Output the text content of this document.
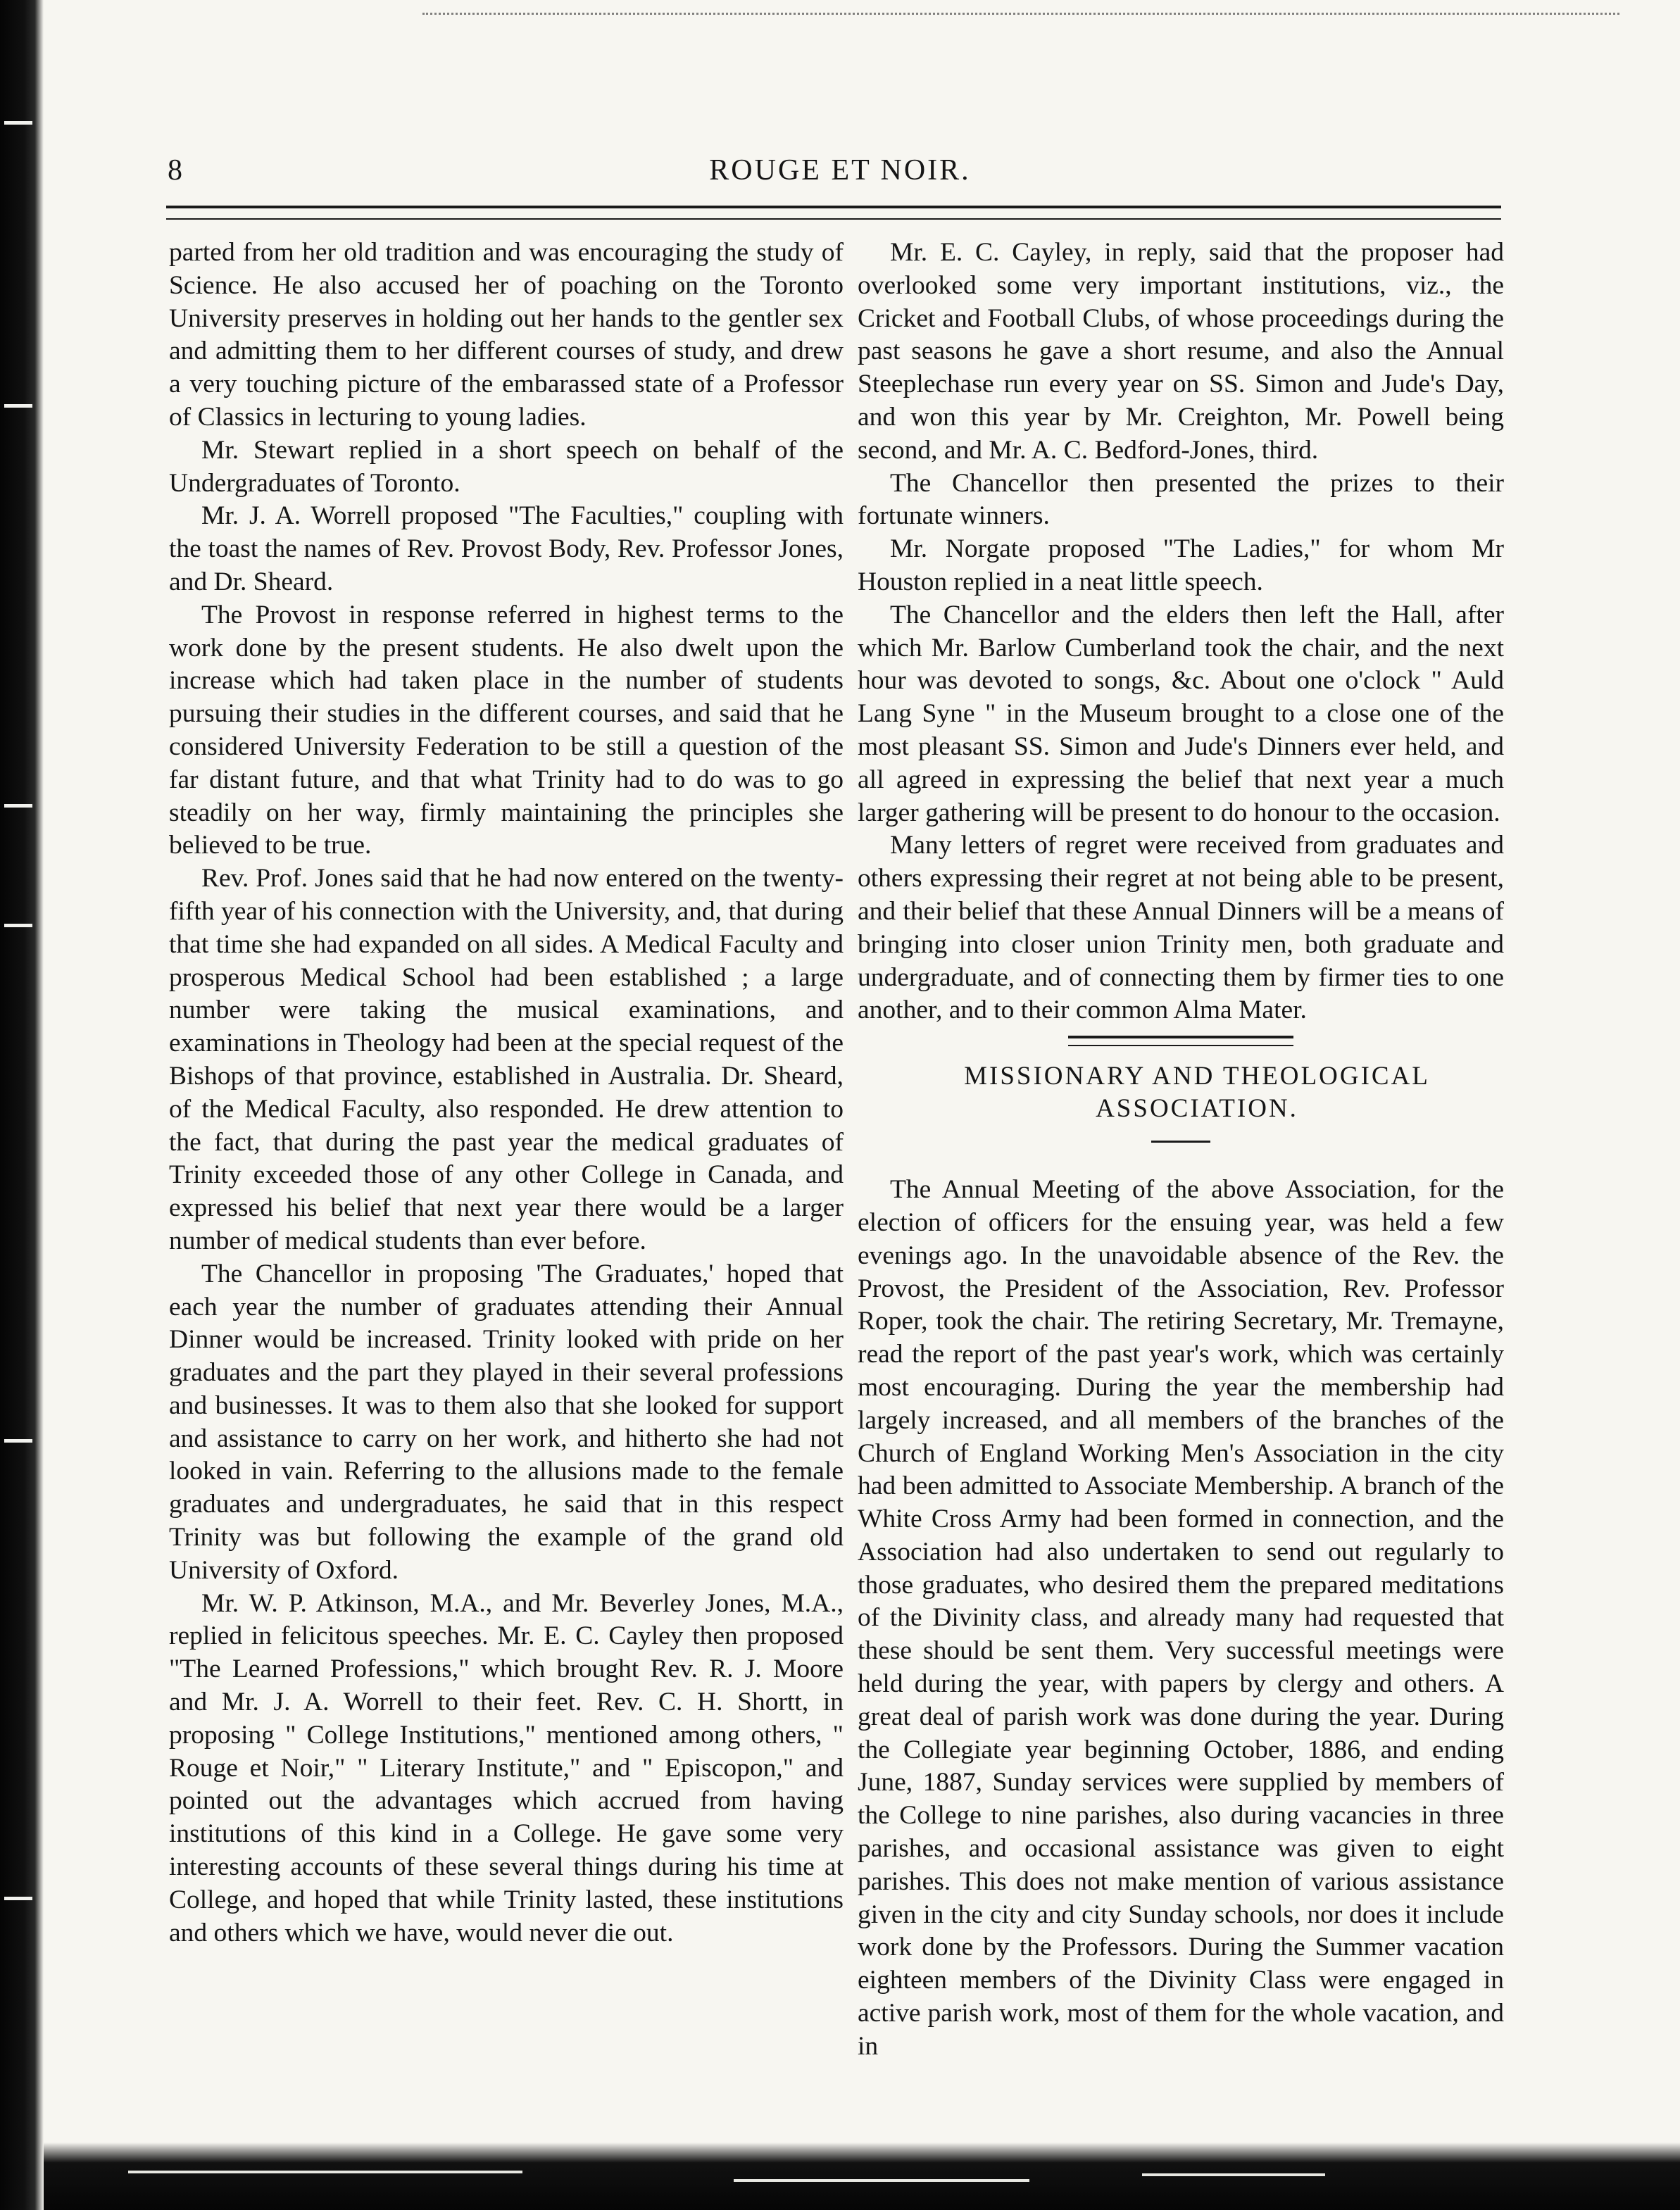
8	ROUGE ET NOIR.

parted from her old tradition and was encouraging the study of Science. He also accused her of poaching on the Toronto University preserves in holding out her hands to the gentler sex and admitting them to her different courses of study, and drew a very touching picture of the embarassed state of a Professor of Classics in lecturing to young ladies.

Mr. Stewart replied in a short speech on behalf of the Undergraduates of Toronto.

Mr. J. A. Worrell proposed "The Faculties," coupling with the toast the names of Rev. Provost Body, Rev. Professor Jones, and Dr. Sheard.

The Provost in response referred in highest terms to the work done by the present students. He also dwelt upon the increase which had taken place in the number of students pursuing their studies in the different courses, and said that he considered University Federation to be still a question of the far distant future, and that what Trinity had to do was to go steadily on her way, firmly maintaining the principles she believed to be true.

Rev. Prof. Jones said that he had now entered on the twenty-fifth year of his connection with the University, and, that during that time she had expanded on all sides. A Medical Faculty and prosperous Medical School had been established ; a large number were taking the musical examinations, and examinations in Theology had been at the special request of the Bishops of that province, established in Australia. Dr. Sheard, of the Medical Faculty, also responded. He drew attention to the fact, that during the past year the medical graduates of Trinity exceeded those of any other College in Canada, and expressed his belief that next year there would be a larger number of medical students than ever before.

The Chancellor in proposing 'The Graduates,' hoped that each year the number of graduates attending their Annual Dinner would be increased. Trinity looked with pride on her graduates and the part they played in their several professions and businesses. It was to them also that she looked for support and assistance to carry on her work, and hitherto she had not looked in vain. Referring to the allusions made to the female graduates and undergraduates, he said that in this respect Trinity was but following the example of the grand old University of Oxford.

Mr. W. P. Atkinson, M.A., and Mr. Beverley Jones, M.A., replied in felicitous speeches. Mr. E. C. Cayley then proposed "The Learned Professions," which brought Rev. R. J. Moore and Mr. J. A. Worrell to their feet. Rev. C. H. Shortt, in proposing " College Institutions," mentioned among others, " Rouge et Noir," " Literary Institute," and " Episcopon," and pointed out the advantages which accrued from having institutions of this kind in a College. He gave some very interesting accounts of these several things during his time at College, and hoped that while Trinity lasted, these institutions and others which we have, would never die out.

Mr. E. C. Cayley, in reply, said that the proposer had overlooked some very important institutions, viz., the Cricket and Football Clubs, of whose proceedings during the past seasons he gave a short resume, and also the Annual Steeplechase run every year on SS. Simon and Jude's Day, and won this year by Mr. Creighton, Mr. Powell being second, and Mr. A. C. Bedford-Jones, third.

The Chancellor then presented the prizes to their fortunate winners.

Mr. Norgate proposed "The Ladies," for whom Mr Houston replied in a neat little speech.

The Chancellor and the elders then left the Hall, after which Mr. Barlow Cumberland took the chair, and the next hour was devoted to songs, &c. About one o'clock " Auld Lang Syne " in the Museum brought to a close one of the most pleasant SS. Simon and Jude's Dinners ever held, and all agreed in expressing the belief that next year a much larger gathering will be present to do honour to the occasion.

Many letters of regret were received from graduates and others expressing their regret at not being able to be present, and their belief that these Annual Dinners will be a means of bringing into closer union Trinity men, both graduate and undergraduate, and of connecting them by firmer ties to one another, and to their common Alma Mater.

MISSIONARY AND THEOLOGICAL

ASSOCIATION.

The Annual Meeting of the above Association, for the election of officers for the ensuing year, was held a few evenings ago. In the unavoidable absence of the Rev. the Provost, the President of the Association, Rev. Professor Roper, took the chair. The retiring Secretary, Mr. Tremayne, read the report of the past year's work, which was certainly most encouraging. During the year the membership had largely increased, and all members of the branches of the Church of England Working Men's Association in the city had been admitted to Associate Membership. A branch of the White Cross Army had been formed in connection, and the Association had also undertaken to send out regularly to those graduates, who desired them the prepared meditations of the Divinity class, and already many had requested that these should be sent them. Very successful meetings were held during the year, with papers by clergy and others. A great deal of parish work was done during the year. During the Collegiate year beginning October, 1886, and ending June, 1887, Sunday services were supplied by members of the College to nine parishes, also during vacancies in three parishes, and occasional assistance was given to eight parishes. This does not make mention of various assistance given in the city and city Sunday schools, nor does it include work done by the Professors. During the Summer vacation eighteen members of the Divinity Class were engaged in active parish work, most of them for the whole vacation, and in
